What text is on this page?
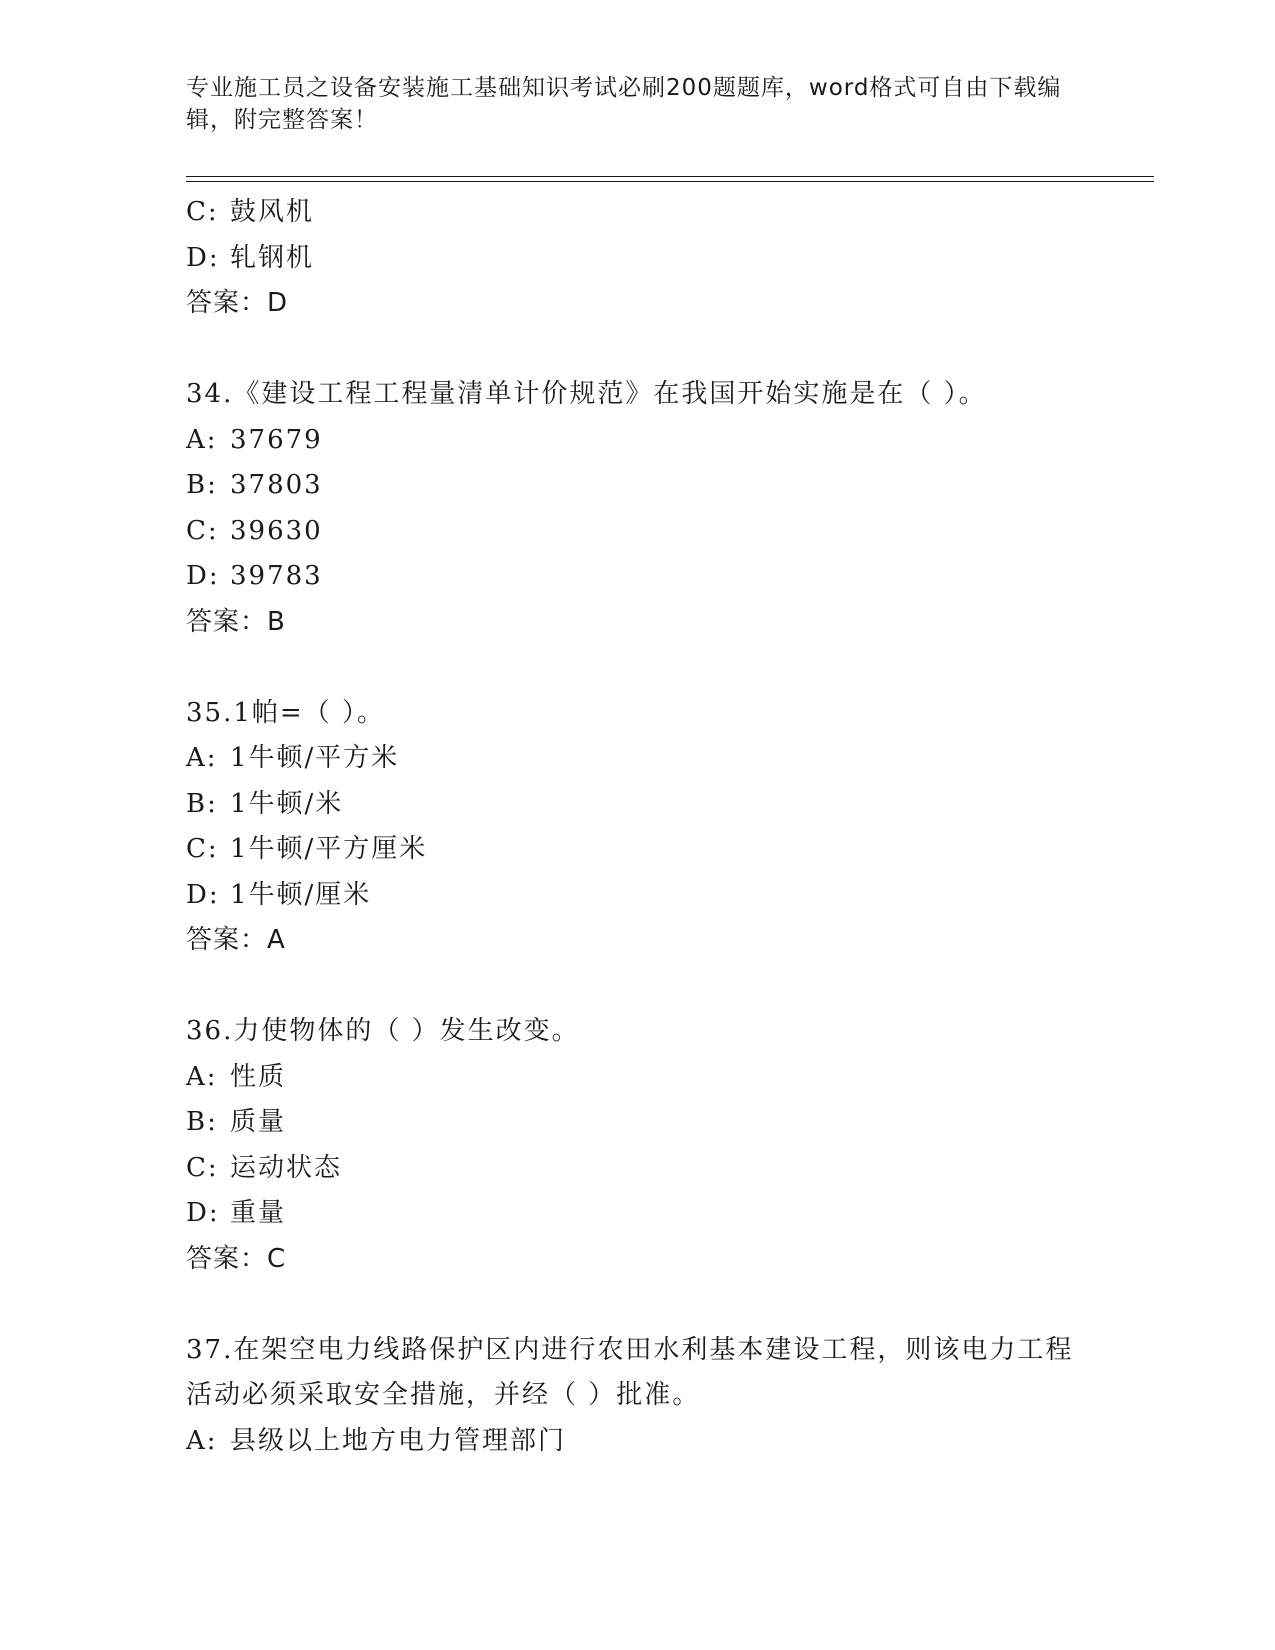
专业施工员之设备安装施工基础知识考试必刷200题题库，word格式可自由下载编辑，附完整答案！
C: 鼓风机
D: 轧钢机
答案：D
34.《建设工程工程量清单计价规范》在我国开始实施是在（ ）。
A: 37679
B: 37803
C: 39630
D: 39783
答案：B
35.1帕=（ ）。
A: 1牛顿/平方米
B: 1牛顿/米
C: 1牛顿/平方厘米
D: 1牛顿/厘米
答案：A
36.力使物体的（ ）发生改变。
A: 性质
B: 质量
C: 运动状态
D: 重量
答案：C
37.在架空电力线路保护区内进行农田水利基本建设工程，则该电力工程活动必须采取安全措施，并经（ ）批准。
A: 县级以上地方电力管理部门
